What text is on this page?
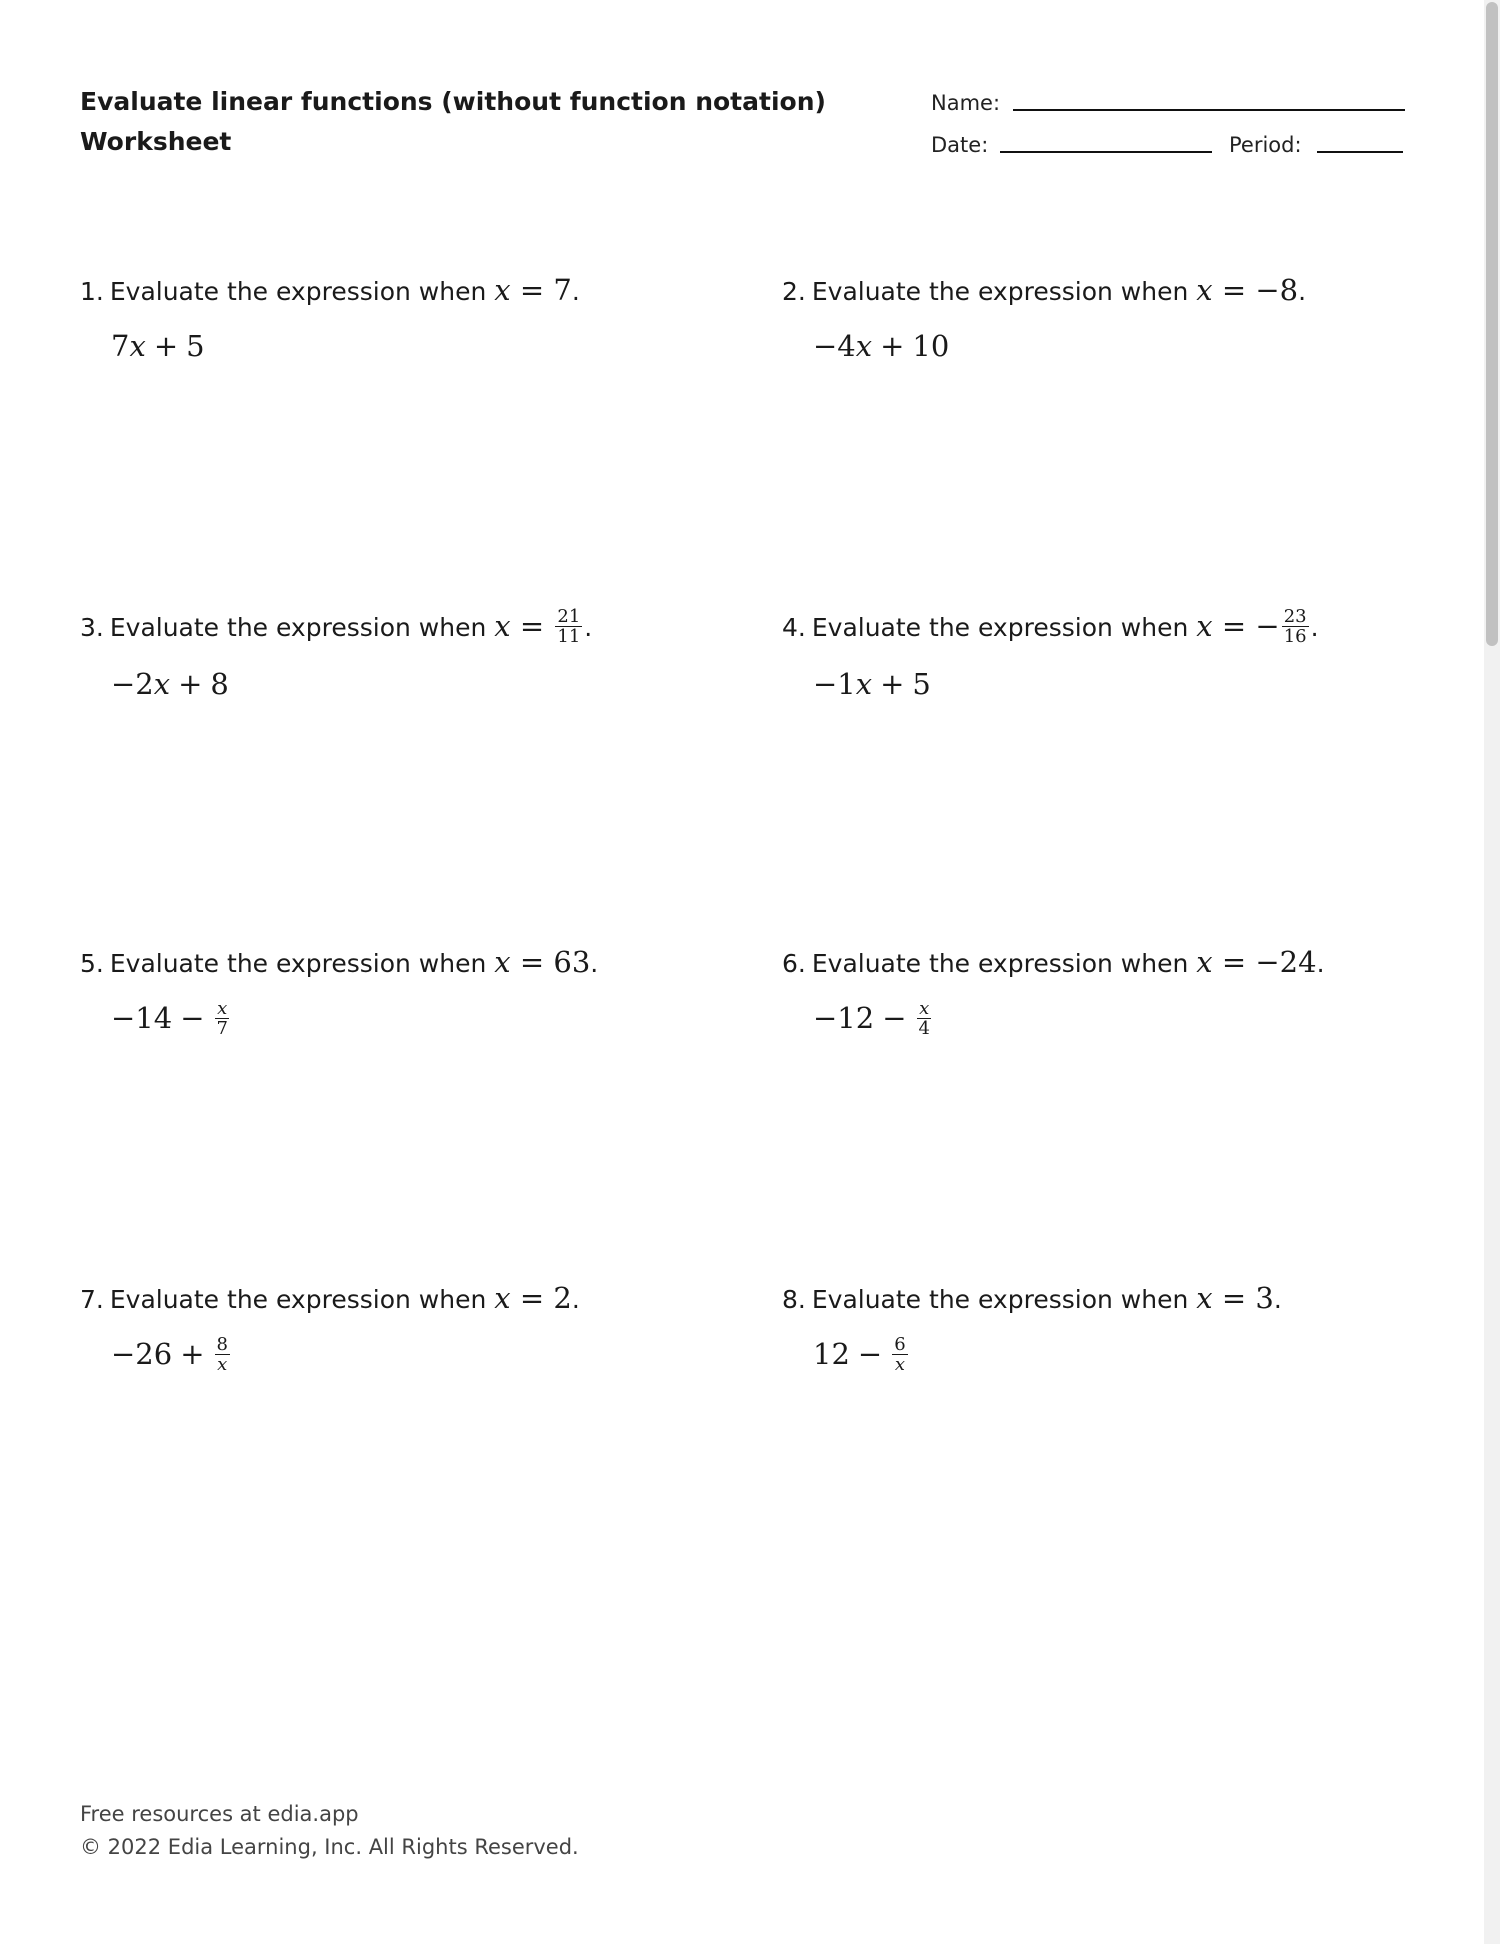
Evaluate linear functions (without function notation)
Worksheet
Name:
Date:	Period:
1. Evaluate the expression when x = 7.
7x + 5
2. Evaluate the expression when x = −8.
−4x + 10
3. Evaluate the expression when $x = \frac{21}{11}$ .
−2x + 8
4. Evaluate the expression when x = − $\frac{23}{16}$ .
−1x + 5
5. Evaluate the expression when x = 63.
$-14 - \frac{x}{7}$
6. Evaluate the expression when x = −24.
$-12 - \frac{x}{4}$
7. Evaluate the expression when x = 2.
$-26 + \frac{8}{x}$
8. Evaluate the expression when x = 3.
$12 - \frac{6}{x}$
Free resources at edia.app
© 2022 Edia Learning, Inc. All Rights Reserved.
